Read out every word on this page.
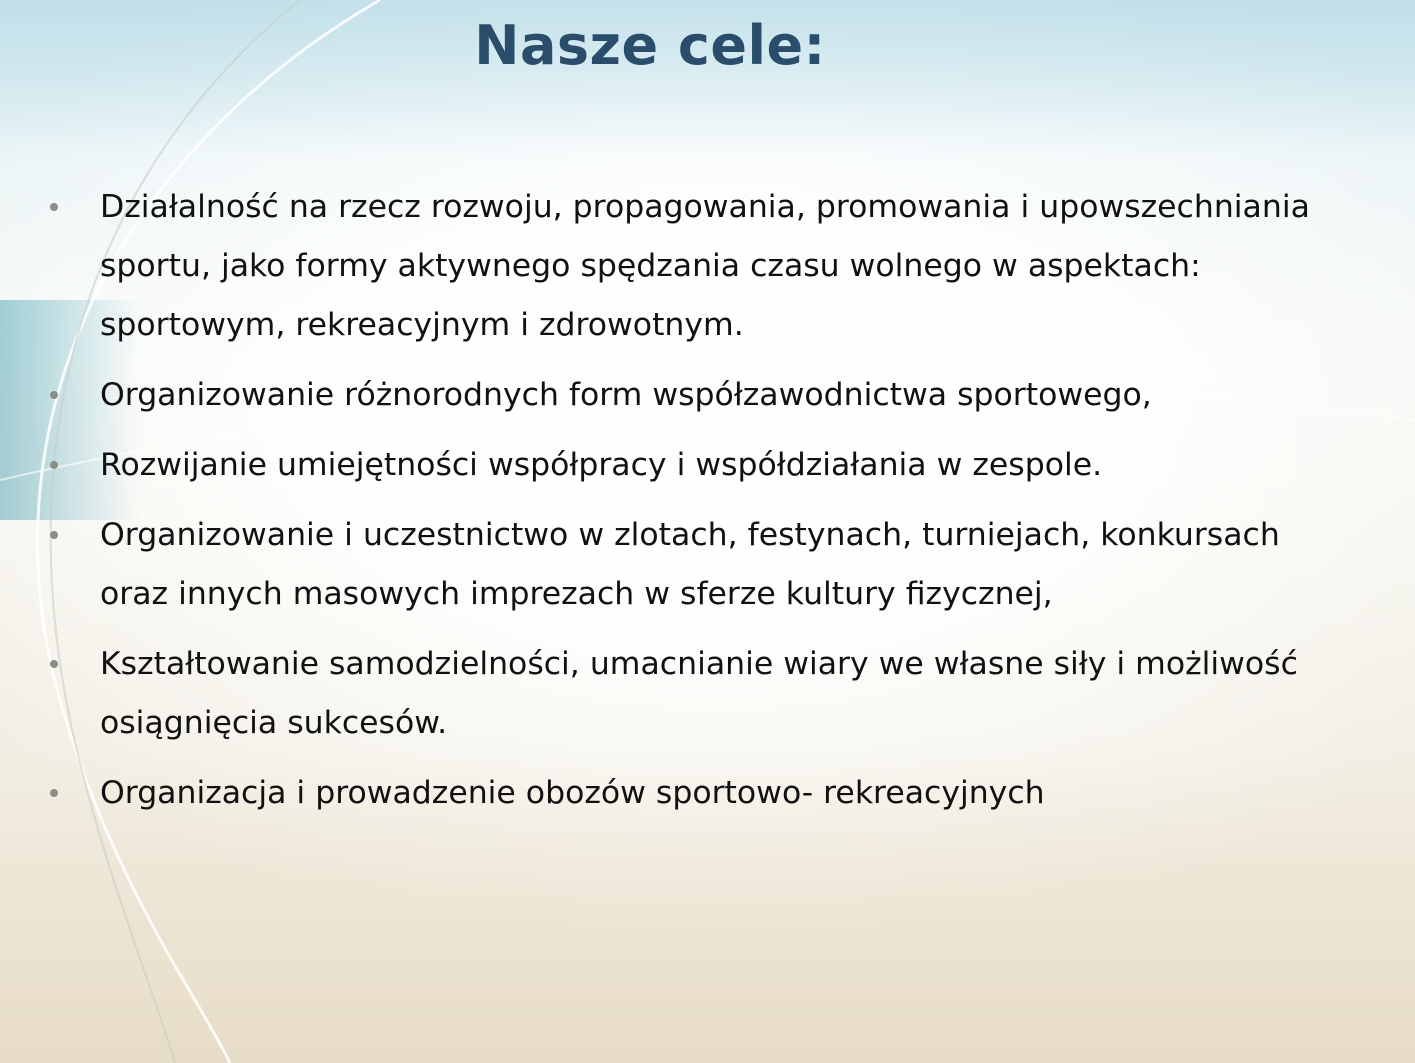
Nasze cele:
Działalność na rzecz rozwoju, propagowania, promowania i upowszechniania sportu, jako formy aktywnego spędzania czasu wolnego w aspektach: sportowym, rekreacyjnym i zdrowotnym.
Organizowanie różnorodnych form współzawodnictwa sportowego,
Rozwijanie umiejętności współpracy i współdziałania w zespole.
Organizowanie i uczestnictwo w zlotach, festynach, turniejach, konkursach oraz innych masowych imprezach w sferze kultury fizycznej,
Kształtowanie samodzielności, umacnianie wiary we własne siły i możliwość osiągnięcia sukcesów.
Organizacja i prowadzenie obozów sportowo- rekreacyjnych
